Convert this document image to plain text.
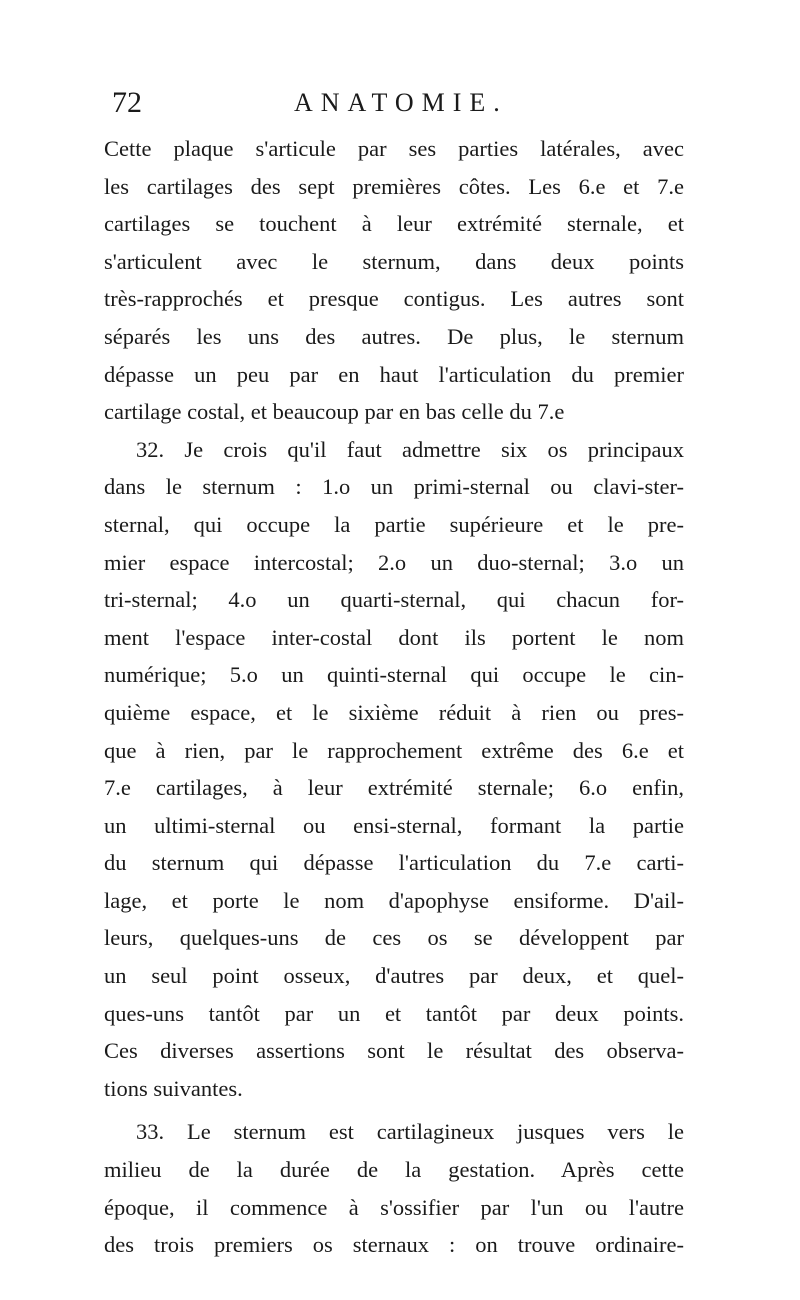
72	ANATOMIE.
Cette plaque s'articule par ses parties latérales, avec
les cartilages des sept premières côtes. Les 6.e et 7.e
cartilages se touchent à leur extrémité sternale, et
s'articulent avec le sternum, dans deux points
très-rapprochés et presque contigus. Les autres sont
séparés les uns des autres. De plus, le sternum
dépasse un peu par en haut l'articulation du premier
cartilage costal, et beaucoup par en bas celle du 7.e
32. Je crois qu'il faut admettre six os principaux
dans le sternum : 1.o un primi-sternal ou clavi-ster-
sternal, qui occupe la partie supérieure et le pre-
mier espace intercostal; 2.o un duo-sternal; 3.o un
tri-sternal; 4.o un quarti-sternal, qui chacun for-
ment l'espace inter-costal dont ils portent le nom
numérique; 5.o un quinti-sternal qui occupe le cin-
quième espace, et le sixième réduit à rien ou pres-
que à rien, par le rapprochement extrême des 6.e et
7.e cartilages, à leur extrémité sternale; 6.o enfin,
un ultimi-sternal ou ensi-sternal, formant la partie
du sternum qui dépasse l'articulation du 7.e carti-
lage, et porte le nom d'apophyse ensiforme. D'ail-
leurs, quelques-uns de ces os se développent par
un seul point osseux, d'autres par deux, et quel-
ques-uns tantôt par un et tantôt par deux points.
Ces diverses assertions sont le résultat des observa-
tions suivantes.
33. Le sternum est cartilagineux jusques vers le
milieu de la durée de la gestation. Après cette
époque, il commence à s'ossifier par l'un ou l'autre
des trois premiers os sternaux : on trouve ordinaire-
